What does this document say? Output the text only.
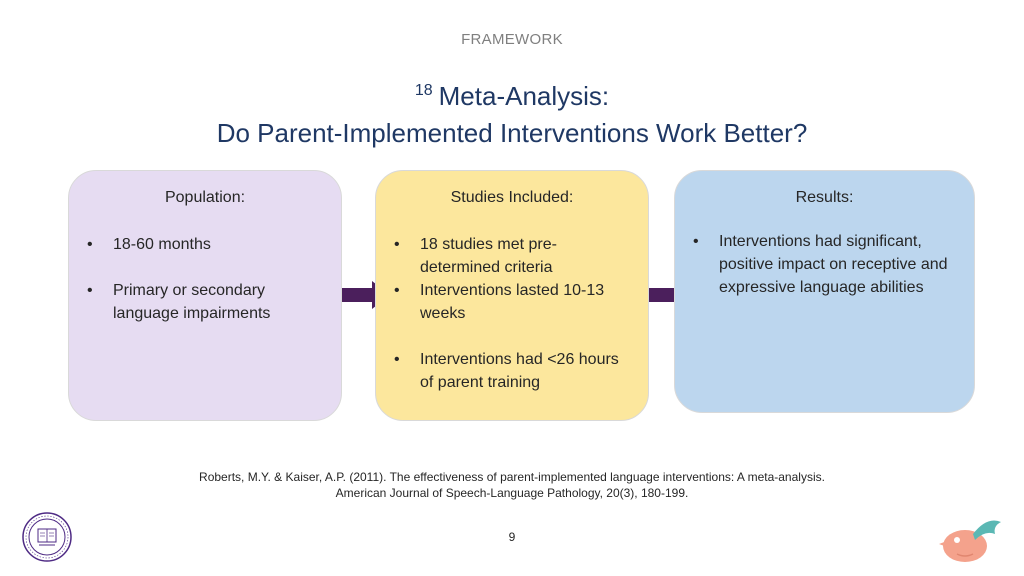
FRAMEWORK
$^{18}$ Meta-Analysis:
Do Parent-Implemented Interventions Work Better?
Population:
• 18-60 months
• Primary or secondary language impairments
Studies Included:
• 18 studies met pre-determined criteria
• Interventions lasted 10-13 weeks
• Interventions had <26 hours of parent training
Results:
• Interventions had significant, positive impact on receptive and expressive language abilities
Roberts, M.Y. & Kaiser, A.P. (2011). The effectiveness of parent-implemented language interventions: A meta-analysis.
American Journal of Speech-Language Pathology, 20(3), 180-199.
9
